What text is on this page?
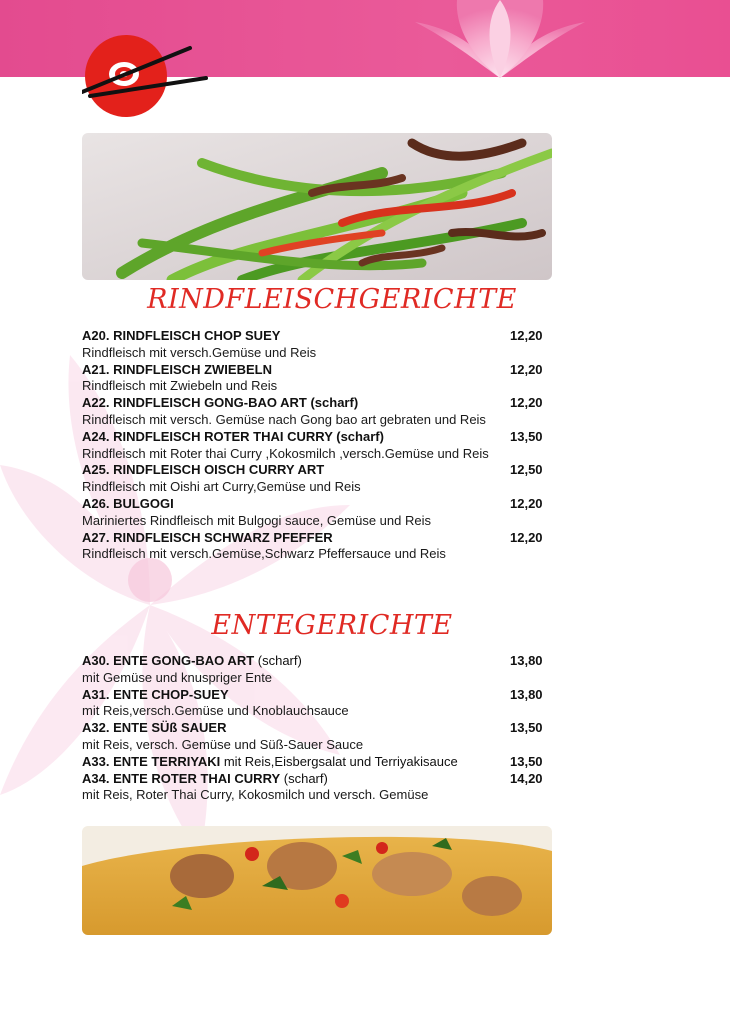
RINDFLEISCHGERICHTE
A20. RINDFLEISCH CHOP SUEY	12,20
Rindfleisch mit versch.Gemüse und Reis
A21. RINDFLEISCH ZWIEBELN	12,20
Rindfleisch mit Zwiebeln und Reis
A22. RINDFLEISCH GONG-BAO ART (scharf)	12,20
Rindfleisch mit versch. Gemüse nach Gong bao art gebraten und Reis
A24. RINDFLEISCH ROTER THAI CURRY (scharf)	13,50
Rindfleisch mit Roter thai Curry ,Kokosmilch ,versch.Gemüse und Reis
A25. RINDFLEISCH OISCH CURRY ART	12,50
Rindfleisch mit Oishi art Curry,Gemüse und Reis
A26. BULGOGI	12,20
Mariniertes Rindfleisch mit Bulgogi sauce, Gemüse und Reis
A27. RINDFLEISCH SCHWARZ PFEFFER	12,20
Rindfleisch mit versch.Gemüse,Schwarz Pfeffersauce und Reis
ENTEGERICHTE
A30. ENTE GONG-BAO ART (scharf)	13,80
mit Gemüse und knuspriger Ente
A31. ENTE CHOP-SUEY	13,80
mit Reis,versch.Gemüse und Knoblauchsauce
A32. ENTE SÜß SAUER	13,50
mit Reis, versch. Gemüse und Süß-Sauer Sauce
A33. ENTE TERRIYAKI mit Reis,Eisbergsalat und Terriyakisauce	13,50
A34. ENTE ROTER THAI CURRY (scharf)	14,20
mit Reis, Roter Thai Curry, Kokosmilch und versch. Gemüse
